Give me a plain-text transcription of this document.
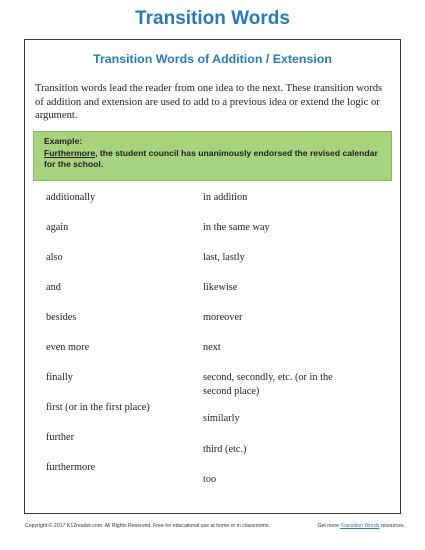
Transition Words
Transition Words of Addition / Extension
Transition words lead the reader from one idea to the next. These transition words of addition and extension are used to add to a previous idea or extend the logic or argument.
Example:
Furthermore, the student council has unanimously endorsed the revised calendar for the school.
additionally
again
also
and
besides
even more
finally
first (or in the first place)
further
furthermore
in addition
in the same way
last, lastly
likewise
moreover
next
second, secondly, etc. (or in the second place)
similarly
third (etc.)
too
Copyright © 2017 K12reader.com. All Rights Reserved. Free for educational use at home or in classrooms.	Get more Transition Words resources.
